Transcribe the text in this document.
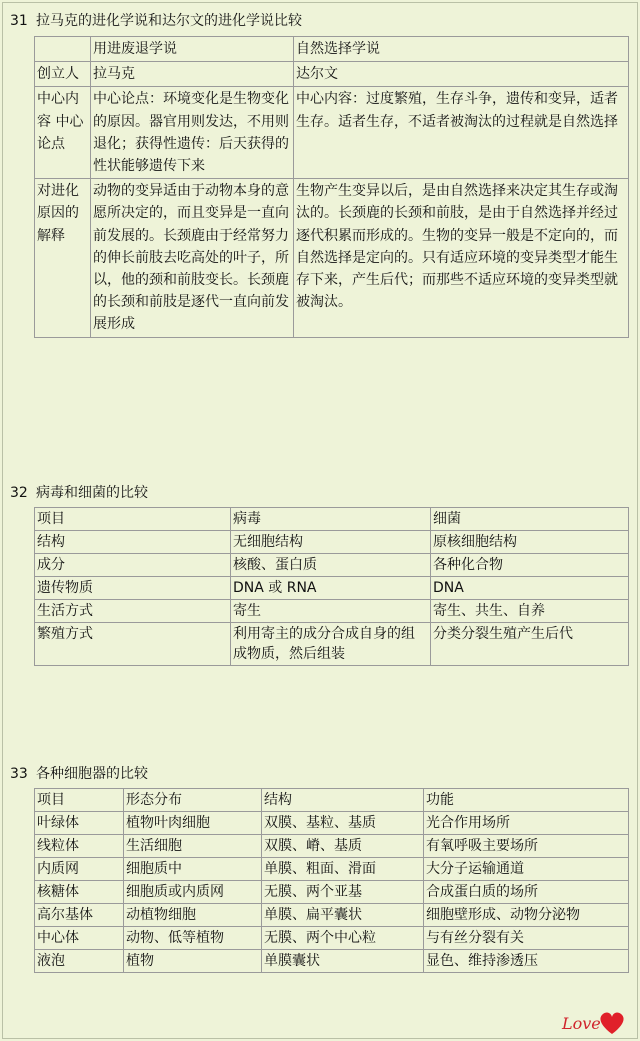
31 拉马克的进化学说和达尔文的进化学说比较
	用进废退学说	自然选择学说
创立人	拉马克	达尔文
中心内容 中心论点	中心论点：环境变化是生物变化的原因。器官用则发达，不用则退化；获得性遗传：后天获得的性状能够遗传下来	中心内容：过度繁殖，生存斗争，遗传和变异，适者生存。适者生存，不适者被淘汰的过程就是自然选择
对进化原因的解释	动物的变异适由于动物本身的意愿所决定的，而且变异是一直向前发展的。长颈鹿由于经常努力的伸长前肢去吃高处的叶子，所以，他的颈和前肢变长。长颈鹿的长颈和前肢是逐代一直向前发展形成	生物产生变异以后，是由自然选择来决定其生存或淘汰的。长颈鹿的长颈和前肢，是由于自然选择并经过逐代积累而形成的。生物的变异一般是不定向的，而自然选择是定向的。只有适应环境的变异类型才能生存下来，产生后代；而那些不适应环境的变异类型就被淘汰。
32 病毒和细菌的比较
项目	病毒	细菌
结构	无细胞结构	原核细胞结构
成分	核酸、蛋白质	各种化合物
遗传物质	DNA 或 RNA	DNA
生活方式	寄生	寄生、共生、自养
繁殖方式	利用寄主的成分合成自身的组成物质，然后组装	分类分裂生殖产生后代
33 各种细胞器的比较
项目	形态分布	结构	功能
叶绿体	植物叶肉细胞	双膜、基粒、基质	光合作用场所
线粒体	生活细胞	双膜、嵴、基质	有氧呼吸主要场所
内质网	细胞质中	单膜、粗面、滑面	大分子运输通道
核糖体	细胞质或内质网	无膜、两个亚基	合成蛋白质的场所
高尔基体	动植物细胞	单膜、扁平囊状	细胞壁形成、动物分泌物
中心体	动物、低等植物	无膜、两个中心粒	与有丝分裂有关
液泡	植物	单膜囊状	显色、维持渗透压
Love
